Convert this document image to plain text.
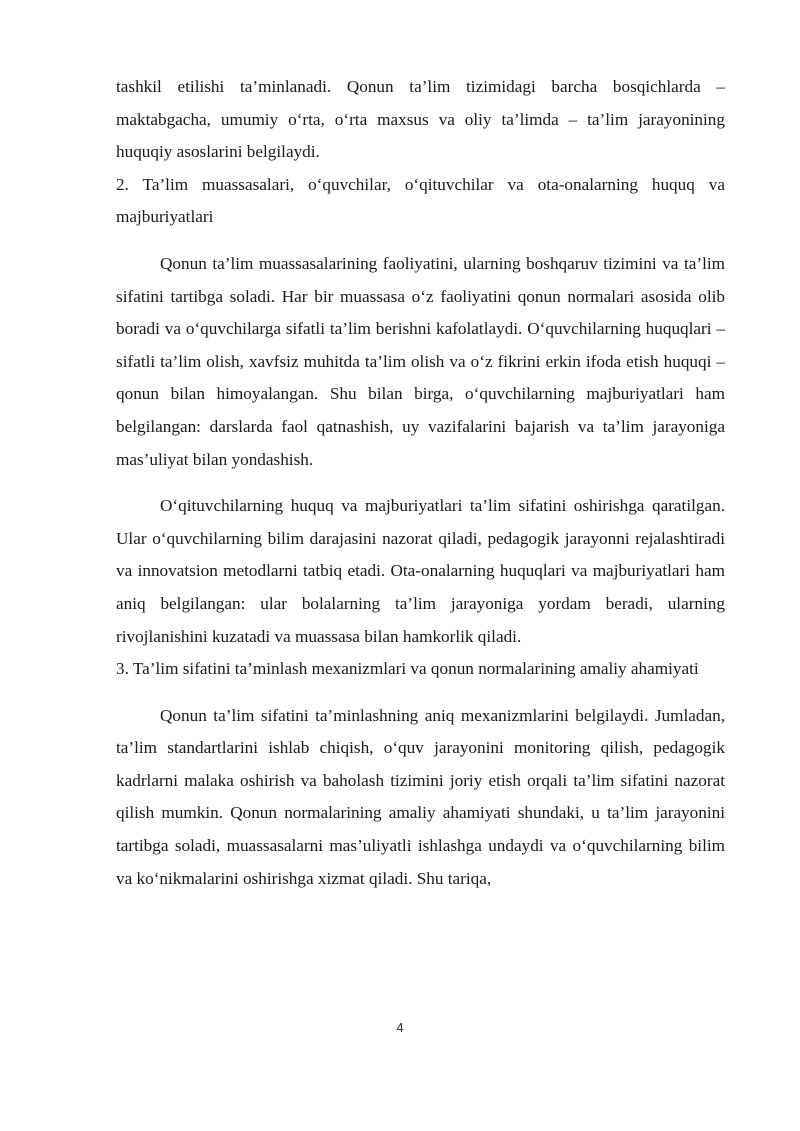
tashkil etilishi ta’minlanadi. Qonun ta’lim tizimidagi barcha bosqichlarda – maktabgacha, umumiy o‘rta, o‘rta maxsus va oliy ta’limda – ta’lim jarayonining huquqiy asoslarini belgilaydi.

2. Ta’lim muassasalari, o‘quvchilar, o‘qituvchilar va ota-onalarning huquq va majburiyatlari

Qonun ta’lim muassasalarining faoliyatini, ularning boshqaruv tizimini va ta’lim sifatini tartibga soladi. Har bir muassasa o‘z faoliyatini qonun normalari asosida olib boradi va o‘quvchilarga sifatli ta’lim berishni kafolatlaydi. O‘quvchilarning huquqlari – sifatli ta’lim olish, xavfsiz muhitda ta’lim olish va o‘z fikrini erkin ifoda etish huquqi – qonun bilan himoyalangan. Shu bilan birga, o‘quvchilarning majburiyatlari ham belgilangan: darslarda faol qatnashish, uy vazifalarini bajarish va ta’lim jarayoniga mas’uliyat bilan yondashish.

O‘qituvchilarning huquq va majburiyatlari ta’lim sifatini oshirishga qaratilgan. Ular o‘quvchilarning bilim darajasini nazorat qiladi, pedagogik jarayonni rejalashtiradi va innovatsion metodlarni tatbiq etadi. Ota-onalarning huquqlari va majburiyatlari ham aniq belgilangan: ular bolalarning ta’lim jarayoniga yordam beradi, ularning rivojlanishini kuzatadi va muassasa bilan hamkorlik qiladi.

3. Ta’lim sifatini ta’minlash mexanizmlari va qonun normalarining amaliy ahamiyati

Qonun ta’lim sifatini ta’minlashning aniq mexanizmlarini belgilaydi. Jumladan, ta’lim standartlarini ishlab chiqish, o‘quv jarayonini monitoring qilish, pedagogik kadrlarni malaka oshirish va baholash tizimini joriy etish orqali ta’lim sifatini nazorat qilish mumkin. Qonun normalarining amaliy ahamiyati shundaki, u ta’lim jarayonini tartibga soladi, muassasalarni mas’uliyatli ishlashga undaydi va o‘quvchilarning bilim va ko‘nikmalarini oshirishga xizmat qiladi. Shu tariqa,

4
